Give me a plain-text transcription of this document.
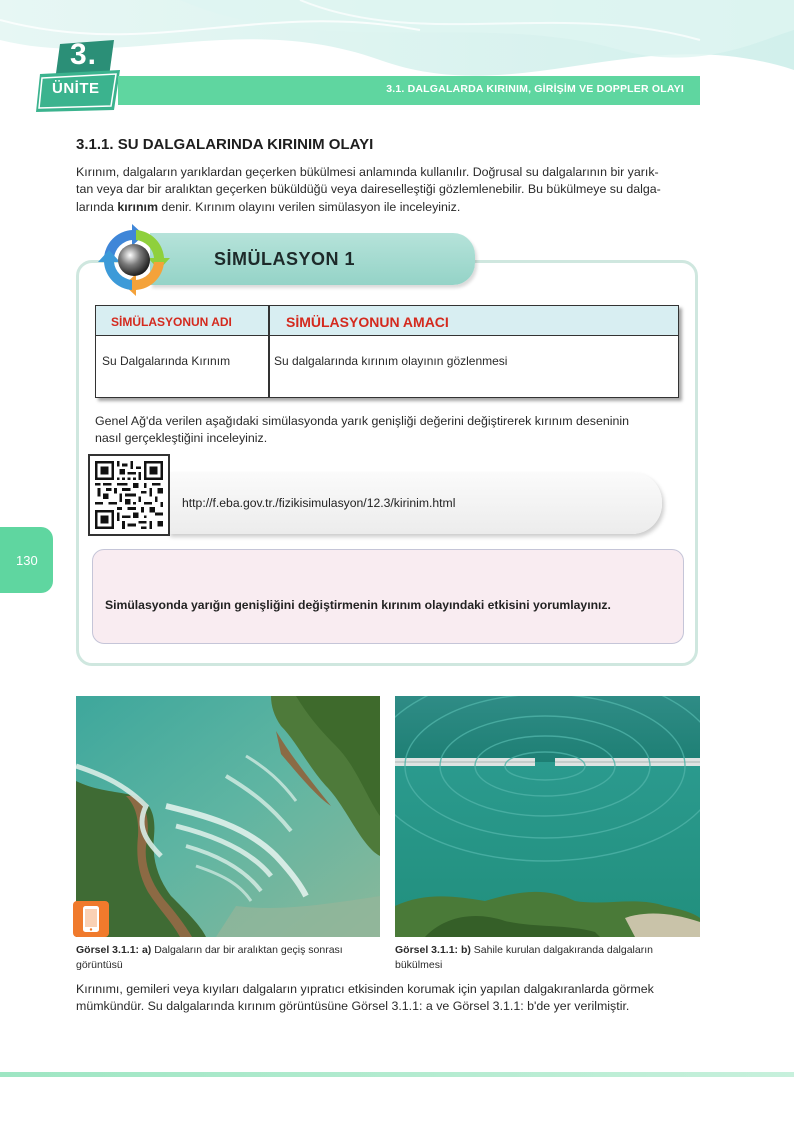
3.
ÜNİTE	3.1. DALGALARDA KIRINIM, GİRİŞİM VE DOPPLER OLAYI
3.1.1. SU DALGALARINDA KIRINIM OLAYI
Kırınım, dalgaların yarıklardan geçerken bükülmesi anlamında kullanılır. Doğrusal su dalgalarının bir yarık-
tan veya dar bir aralıktan geçerken büküldüğü veya daireselleştiği gözlemlenebilir. Bu bükülmeye su dalga-
larında kırınım denir. Kırınım olayını verilen simülasyon ile inceleyiniz.
SİMÜLASYON 1
SİMÜLASYONUN ADI	SİMÜLASYONUN AMACI
Su Dalgalarında Kırınım	Su dalgalarında kırınım olayının gözlenmesi
Genel Ağ'da verilen aşağıdaki simülasyonda yarık genişliği değerini değiştirerek kırınım deseninin
nasıl gerçekleştiğini inceleyiniz.
http://f.eba.gov.tr./fizikisimulasyon/12.3/kirinim.html
Simülasyonda yarığın genişliğini değiştirmenin kırınım olayındaki etkisini yorumlayınız.
130
Görsel 3.1.1: a) Dalgaların dar bir aralıktan geçiş sonrası görüntüsü
Görsel 3.1.1: b) Sahile kurulan dalgakıranda dalgaların bükülmesi
Kırınımı, gemileri veya kıyıları dalgaların yıpratıcı etkisinden korumak için yapılan dalgakıranlarda görmek
mümkündür. Su dalgalarında kırınım görüntüsüne Görsel 3.1.1: a ve Görsel 3.1.1: b'de yer verilmiştir.
